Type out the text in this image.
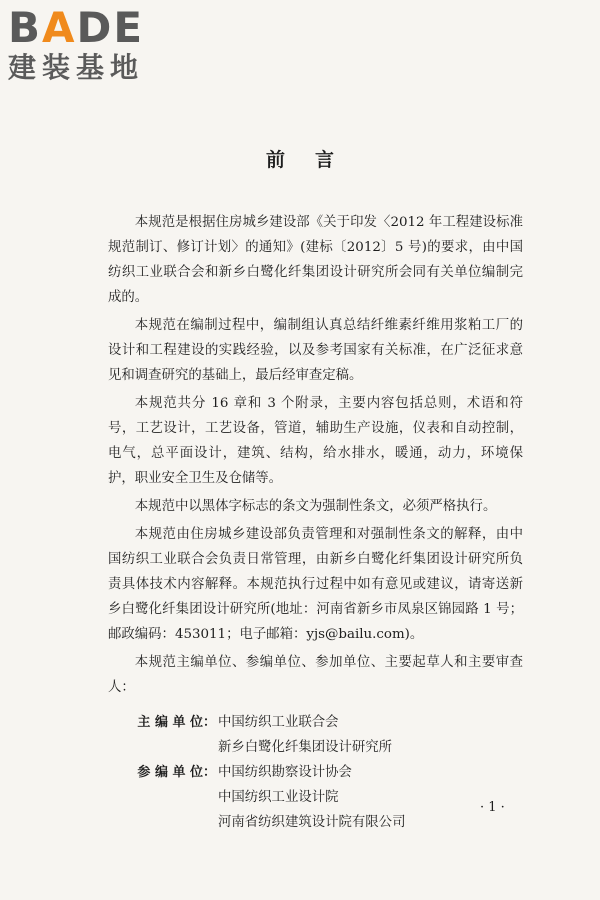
BADE
建装基地
前言

本规范是根据住房城乡建设部《关于印发〈2012 年工程建设标准规范制订、修订计划〉的通知》(建标〔2012〕5 号)的要求，由中国纺织工业联合会和新乡白鹭化纤集团设计研究所会同有关单位编制完成的。

本规范在编制过程中，编制组认真总结纤维素纤维用浆粕工厂的设计和工程建设的实践经验，以及参考国家有关标准，在广泛征求意见和调查研究的基础上，最后经审查定稿。

本规范共分 16 章和 3 个附录，主要内容包括总则，术语和符号，工艺设计，工艺设备，管道，辅助生产设施，仪表和自动控制，电气，总平面设计，建筑、结构，给水排水，暖通，动力，环境保护，职业安全卫生及仓储等。

本规范中以黑体字标志的条文为强制性条文，必须严格执行。

本规范由住房城乡建设部负责管理和对强制性条文的解释，由中国纺织工业联合会负责日常管理，由新乡白鹭化纤集团设计研究所负责具体技术内容解释。本规范执行过程中如有意见或建议，请寄送新乡白鹭化纤集团设计研究所(地址：河南省新乡市凤泉区锦园路 1 号；邮政编码：453011；电子邮箱：yjs@bailu.com)。

本规范主编单位、参编单位、参加单位、主要起草人和主要审查人：

主 编 单 位： 中国纺织工业联合会
新乡白鹭化纤集团设计研究所
参 编 单 位： 中国纺织勘察设计协会
中国纺织工业设计院
河南省纺织建筑设计院有限公司
· 1 ·
